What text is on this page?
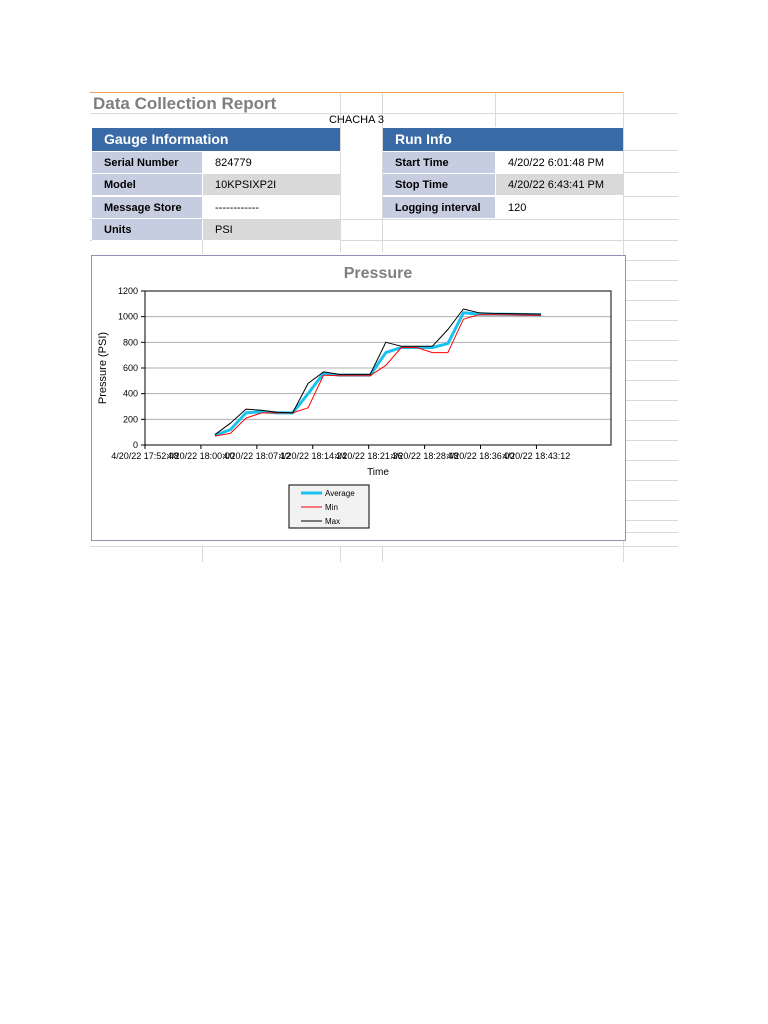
Data Collection Report
CHACHA 3
Gauge Information
Serial Number	824779
Model	10KPSIXP2I
Message Store	------------
Units	PSI
Run Info
Start Time	4/20/22 6:01:48 PM
Stop Time	4/20/22 6:43:41 PM
Logging interval	120
Pressure
0
200
400
600
800
1000
1200
4/20/22 17:52:48
4/20/22 18:00:00
4/20/22 18:07:12
4/20/22 18:14:24
4/20/22 18:21:36
4/20/22 18:28:48
4/20/22 18:36:00
4/20/22 18:43:12
Time
Pressure (PSI)
Average
Min
Max
